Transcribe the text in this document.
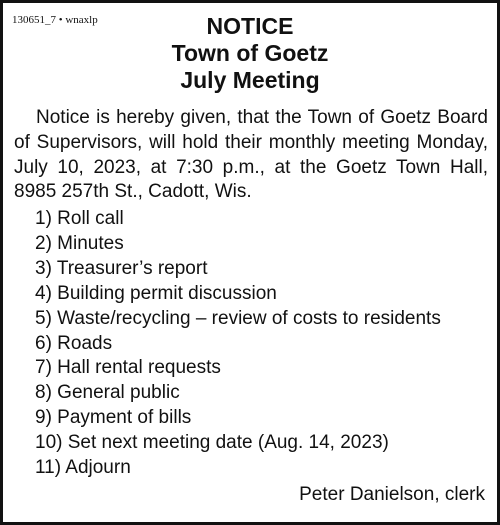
130651_7 • wnaxlp	NOTICE
Town of Goetz
July Meeting
Notice is hereby given, that the Town of Goetz Board of Supervisors, will hold their monthly meeting Monday, July 10, 2023, at 7:30 p.m., at the Goetz Town Hall, 8985 257th St., Cadott, Wis.
1) Roll call
2) Minutes
3) Treasurer’s report
4) Building permit discussion
5) Waste/recycling – review of costs to residents
6) Roads
7) Hall rental requests
8) General public
9) Payment of bills
10) Set next meeting date (Aug. 14, 2023)
11) Adjourn
Peter Danielson, clerk
